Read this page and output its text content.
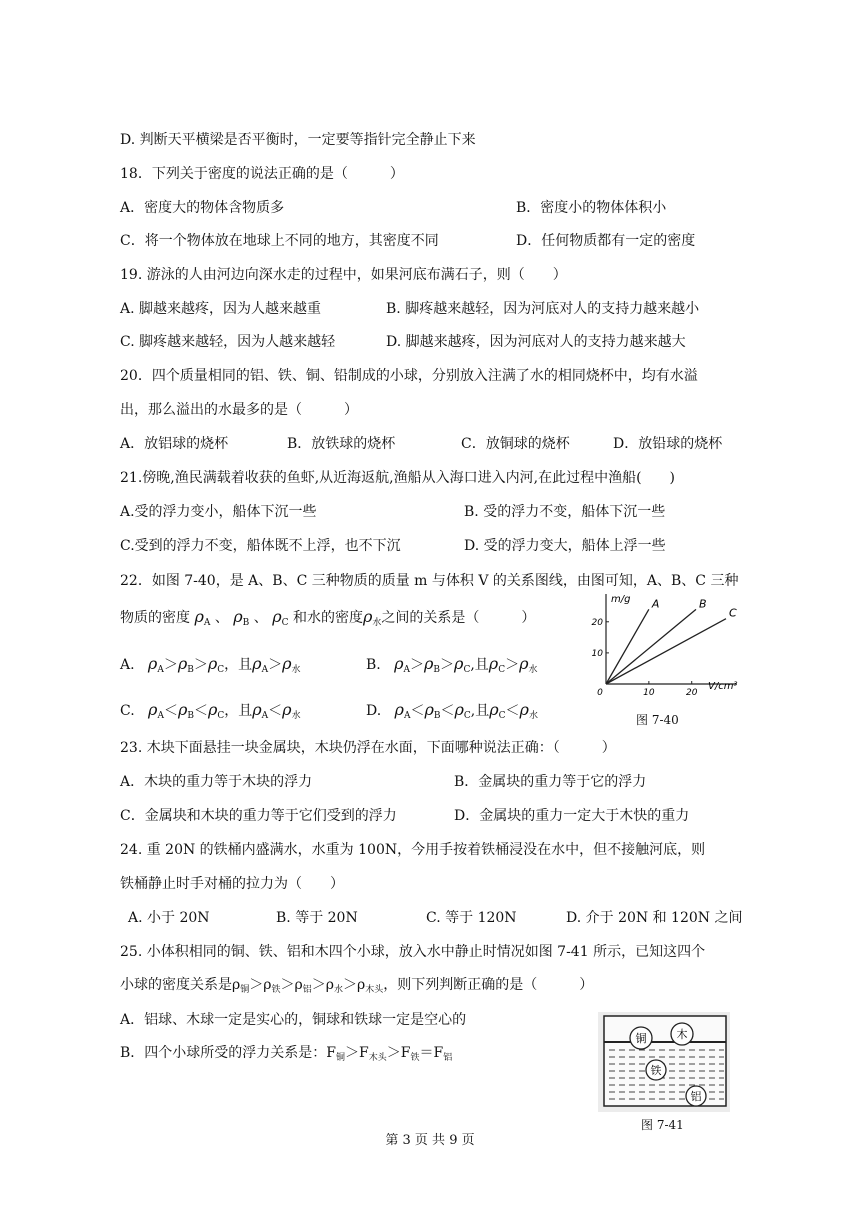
D. 判断天平横梁是否平衡时，一定要等指针完全静止下来
18．下列关于密度的说法正确的是（　　　）
A．密度大的物体含物质多	B．密度小的物体体积小
C．将一个物体放在地球上不同的地方，其密度不同	D．任何物质都有一定的密度
19. 游泳的人由河边向深水走的过程中，如果河底布满石子，则（　　）
A. 脚越来越疼，因为人越来越重	B. 脚疼越来越轻，因为河底对人的支持力越来越小
C. 脚疼越来越轻，因为人越来越轻	D. 脚越来越疼，因为河底对人的支持力越来越大
20．四个质量相同的铝、铁、铜、铅制成的小球，分别放入注满了水的相同烧杯中，均有水溢
出，那么溢出的水最多的是（　　　）
A．放铝球的烧杯	B．放铁球的烧杯	C．放铜球的烧杯	D．放铅球的烧杯
21.傍晚,渔民满载着收获的鱼虾,从近海返航,渔船从入海口进入内河,在此过程中渔船(　　)
A.受的浮力变小，船体下沉一些	B. 受的浮力不变，船体下沉一些
C.受到的浮力不变，船体既不上浮，也不下沉	D. 受的浮力变大，船体上浮一些
22．如图 7-40，是 A、B、C 三种物质的质量 m 与体积 V 的关系图线，由图可知，A、B、C 三种
物质的密度 $\rho_A$ 、 $\rho_B$ 、 $\rho_C$ 和水的密度$\rho_水$之间的关系是（　　　）
A. $\rho_A>\rho_B>\rho_C$，且$\rho_A>\rho_水$	B. $\rho_A>\rho_B>\rho_C$,且$\rho_C>\rho_水$
C. $\rho_A<\rho_B<\rho_C$，且$\rho_A<\rho_水$	D. $\rho_A<\rho_B<\rho_C$,且$\rho_C<\rho_水$
0	10	20
10
20
m/g
V/cm³
A	B
C
图 7-40
23. 木块下面悬挂一块金属块，木块仍浮在水面，下面哪种说法正确：（　　　）
A．木块的重力等于木块的浮力	B．金属块的重力等于它的浮力
C．金属块和木块的重力等于它们受到的浮力	D．金属块的重力一定大于木快的重力
24. 重 20N 的铁桶内盛满水，水重为 100N，今用手按着铁桶浸没在水中，但不接触河底，则
铁桶静止时手对桶的拉力为（　　）
A. 小于 20N	B. 等于 20N	C. 等于 120N	D. 介于 20N 和 120N 之间
25. 小体积相同的铜、铁、铝和木四个小球，放入水中静止时情况如图 7-41 所示，已知这四个
小球的密度关系是$\rho_铜>\rho_铁>\rho_铝>\rho_水>\rho_{木头}$，则下列判断正确的是（　　　）
A．铝球、木球一定是实心的，铜球和铁球一定是空心的
B．四个小球所受的浮力关系是：$F_铜>F_{木头}>F_铁=F_铝$
铜	木
铁
铝
图 7-41
第 3 页 共 9 页
